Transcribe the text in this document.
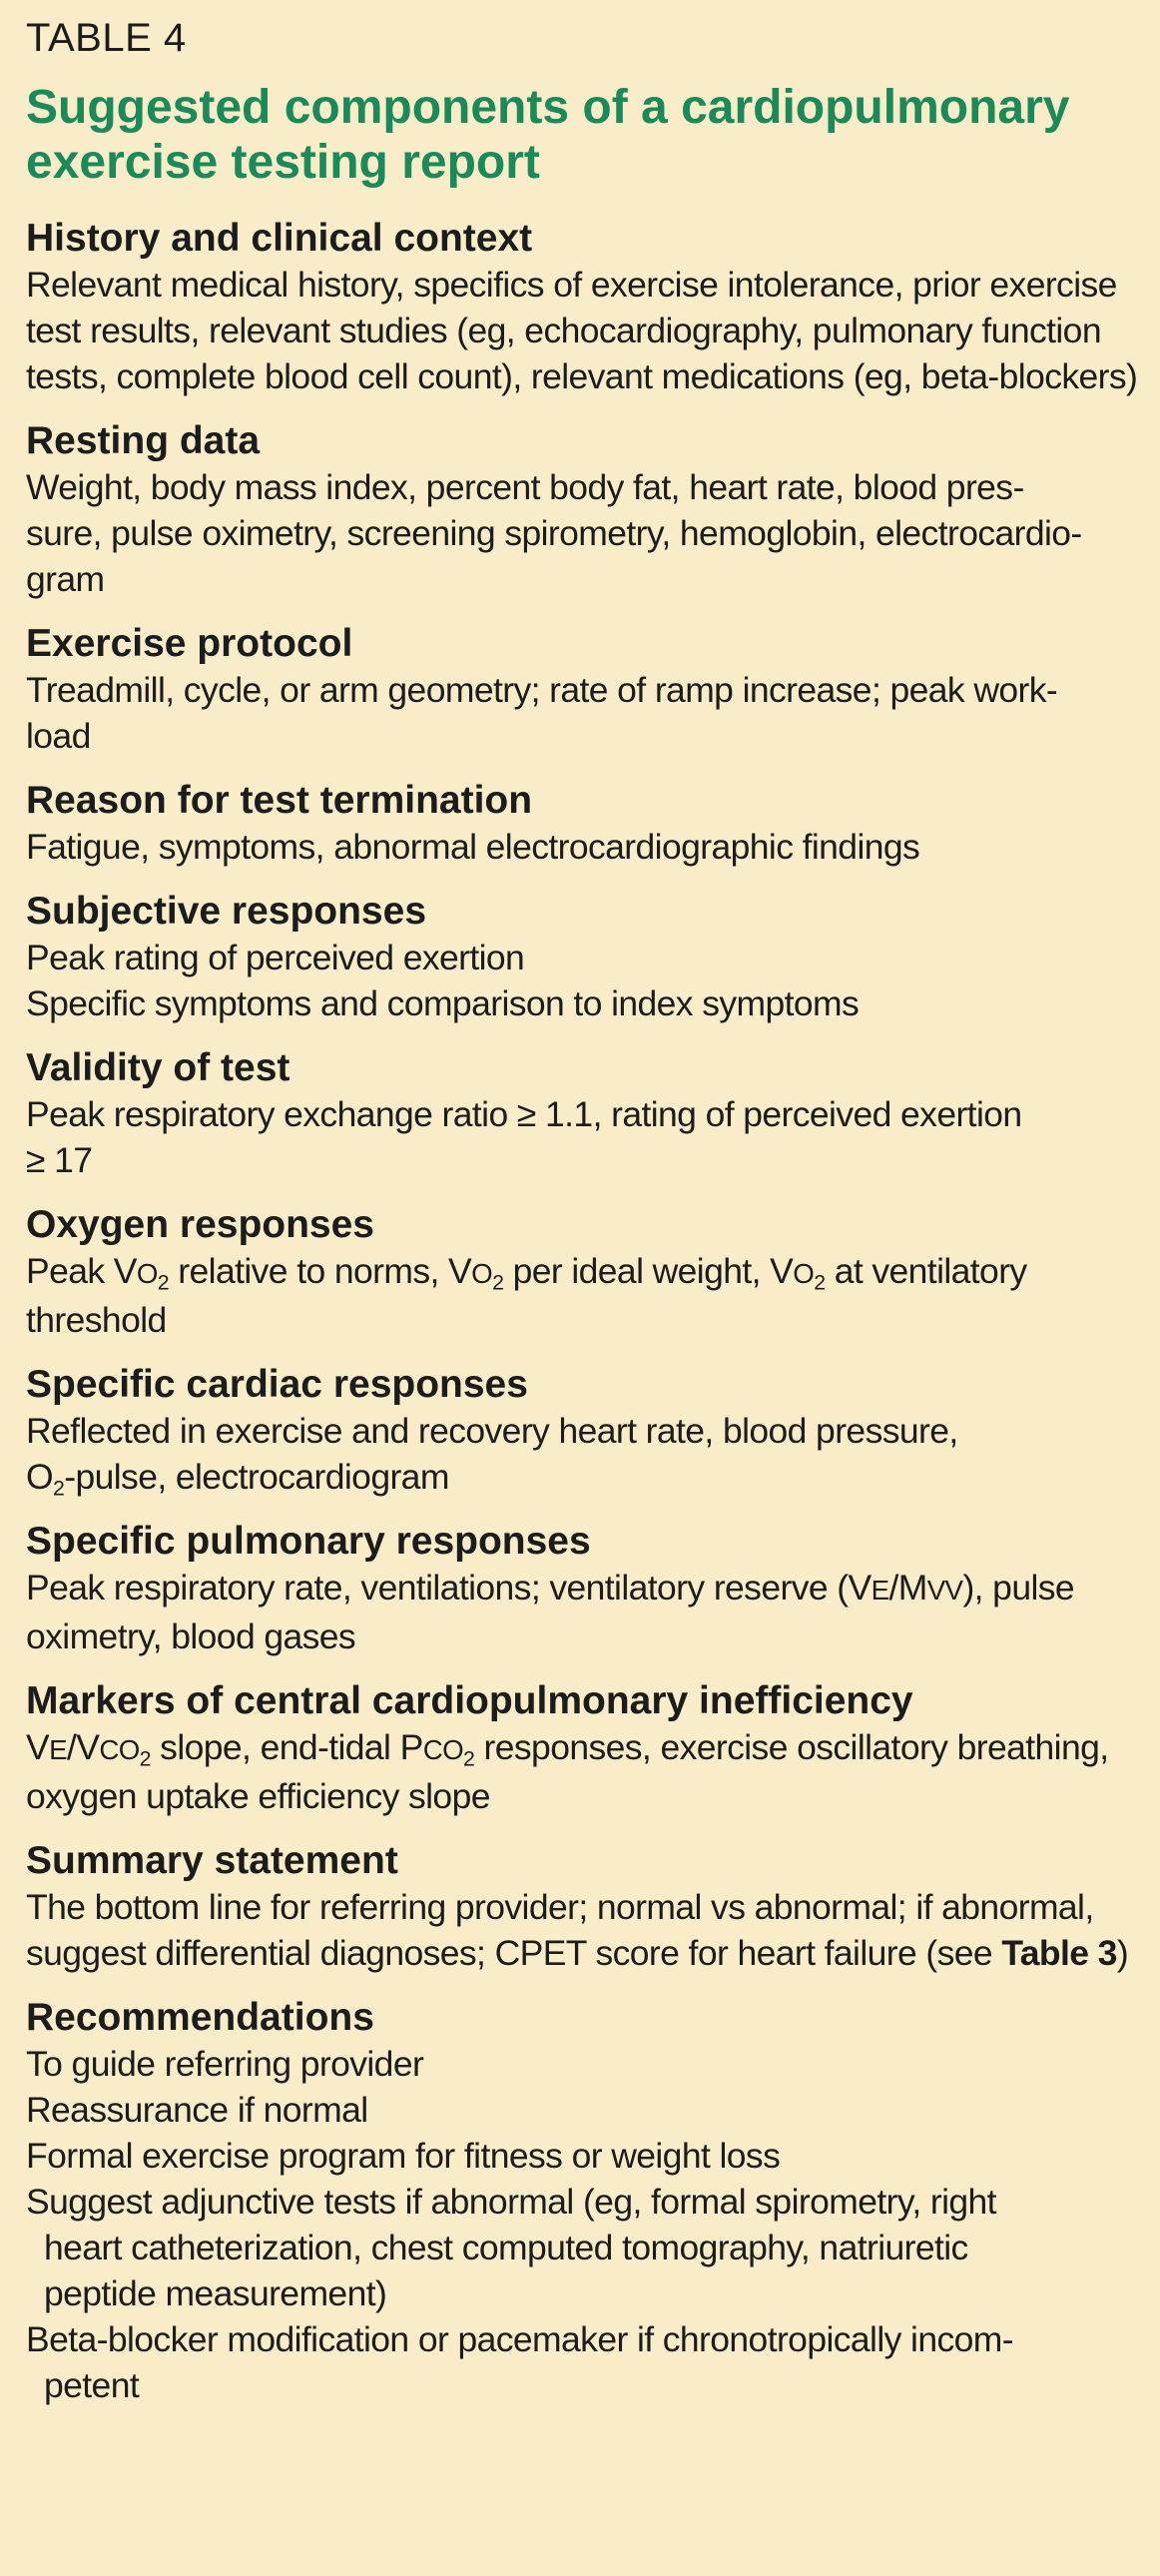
TABLE 4
Suggested components of a cardiopulmonary
exercise testing report
History and clinical context
Relevant medical history, specifics of exercise intolerance, prior exercise
test results, relevant studies (eg, echocardiography, pulmonary function
tests, complete blood cell count), relevant medications (eg, beta-blockers)
Resting data
Weight, body mass index, percent body fat, heart rate, blood pres-
sure, pulse oximetry, screening spirometry, hemoglobin, electrocardio-
gram
Exercise protocol
Treadmill, cycle, or arm geometry; rate of ramp increase; peak work-
load
Reason for test termination
Fatigue, symptoms, abnormal electrocardiographic findings
Subjective responses
Peak rating of perceived exertion
Specific symptoms and comparison to index symptoms
Validity of test
Peak respiratory exchange ratio ≥ 1.1, rating of perceived exertion
≥ 17
Oxygen responses
Peak $VO_2$ relative to norms, $VO_2$ per ideal weight, $VO_2$ at ventilatory
threshold
Specific cardiac responses
Reflected in exercise and recovery heart rate, blood pressure,
$O_2$-pulse, electrocardiogram
Specific pulmonary responses
Peak respiratory rate, ventilations; ventilatory reserve (VE/MVV), pulse
oximetry, blood gases
Markers of central cardiopulmonary inefficiency
$VE/VCO_2$ slope, end-tidal $PCO_2$ responses, exercise oscillatory breathing,
oxygen uptake efficiency slope
Summary statement
The bottom line for referring provider; normal vs abnormal; if abnormal,
suggest differential diagnoses; CPET score for heart failure (see Table 3)
Recommendations
To guide referring provider
Reassurance if normal
Formal exercise program for fitness or weight loss
Suggest adjunctive tests if abnormal (eg, formal spirometry, right
heart catheterization, chest computed tomography, natriuretic
peptide measurement)
Beta-blocker modification or pacemaker if chronotropically incom-
petent
